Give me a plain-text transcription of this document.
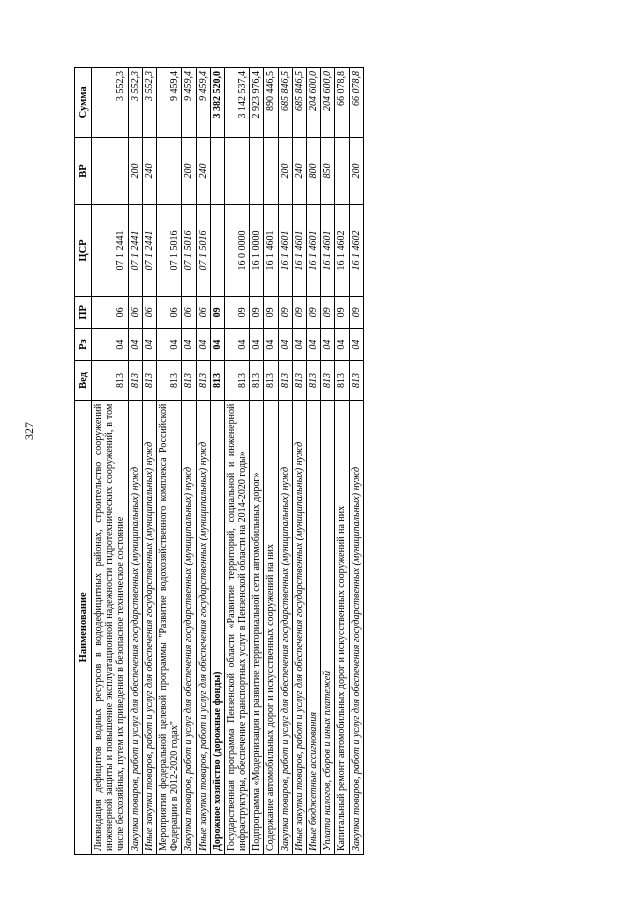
327
Наименование	Вед	Рз	ПР	ЦСР	ВР	Сумма
Ликвидация дефицитов водных ресурсов в вододефицитных районах, строительство сооружений инженерной защиты и повышение эксплуатационной надежности гидротехнических сооружений, в том числе бесхозяйных, путем их приведения в безопасное техническое состояние	813	04	06	07 1 2441		3 552,3
Закупка товаров, работ и услуг для обеспечения государственных (муниципальных) нужд	813	04	06	07 1 2441	200	3 552,3
Иные закупки товаров, работ и услуг для обеспечения государственных (муниципальных) нужд	813	04	06	07 1 2441	240	3 552,3
Мероприятия федеральной целевой программы "Развитие водохозяйственного комплекса Российской Федерации в 2012-2020 годах"	813	04	06	07 1 5016		9 459,4
Закупка товаров, работ и услуг для обеспечения государственных (муниципальных) нужд	813	04	06	07 1 5016	200	9 459,4
Иные закупки товаров, работ и услуг для обеспечения государственных (муниципальных) нужд	813	04	06	07 1 5016	240	9 459,4
Дорожное хозяйство (дорожные фонды)	813	04	09			3 382 520,0
Государственная программа Пензенской области «Развитие территорий, социальной и инженерной инфраструктуры, обеспечение транспортных услуг в Пензенской области на 2014-2020 годы»	813	04	09	16 0 0000		3 142 537,4
Подпрограмма «Модернизация и развитие территориальной сети автомобильных дорог»	813	04	09	16 1 0000		2 923 976,4
Содержание автомобильных дорог и искусственных сооружений на них	813	04	09	16 1 4601		890 446,5
Закупка товаров, работ и услуг для обеспечения государственных (муниципальных) нужд	813	04	09	16 1 4601	200	685 846,5
Иные закупки товаров, работ и услуг для обеспечения государственных (муниципальных) нужд	813	04	09	16 1 4601	240	685 846,5
Иные бюджетные ассигнования	813	04	09	16 1 4601	800	204 600,0
Уплата налогов, сборов и иных платежей	813	04	09	16 1 4601	850	204 600,0
Капитальный ремонт автомобильных дорог и искусственных сооружений на них	813	04	09	16 1 4602		66 078,8
Закупка товаров, работ и услуг для обеспечения государственных (муниципальных) нужд	813	04	09	16 1 4602	200	66 078,8
